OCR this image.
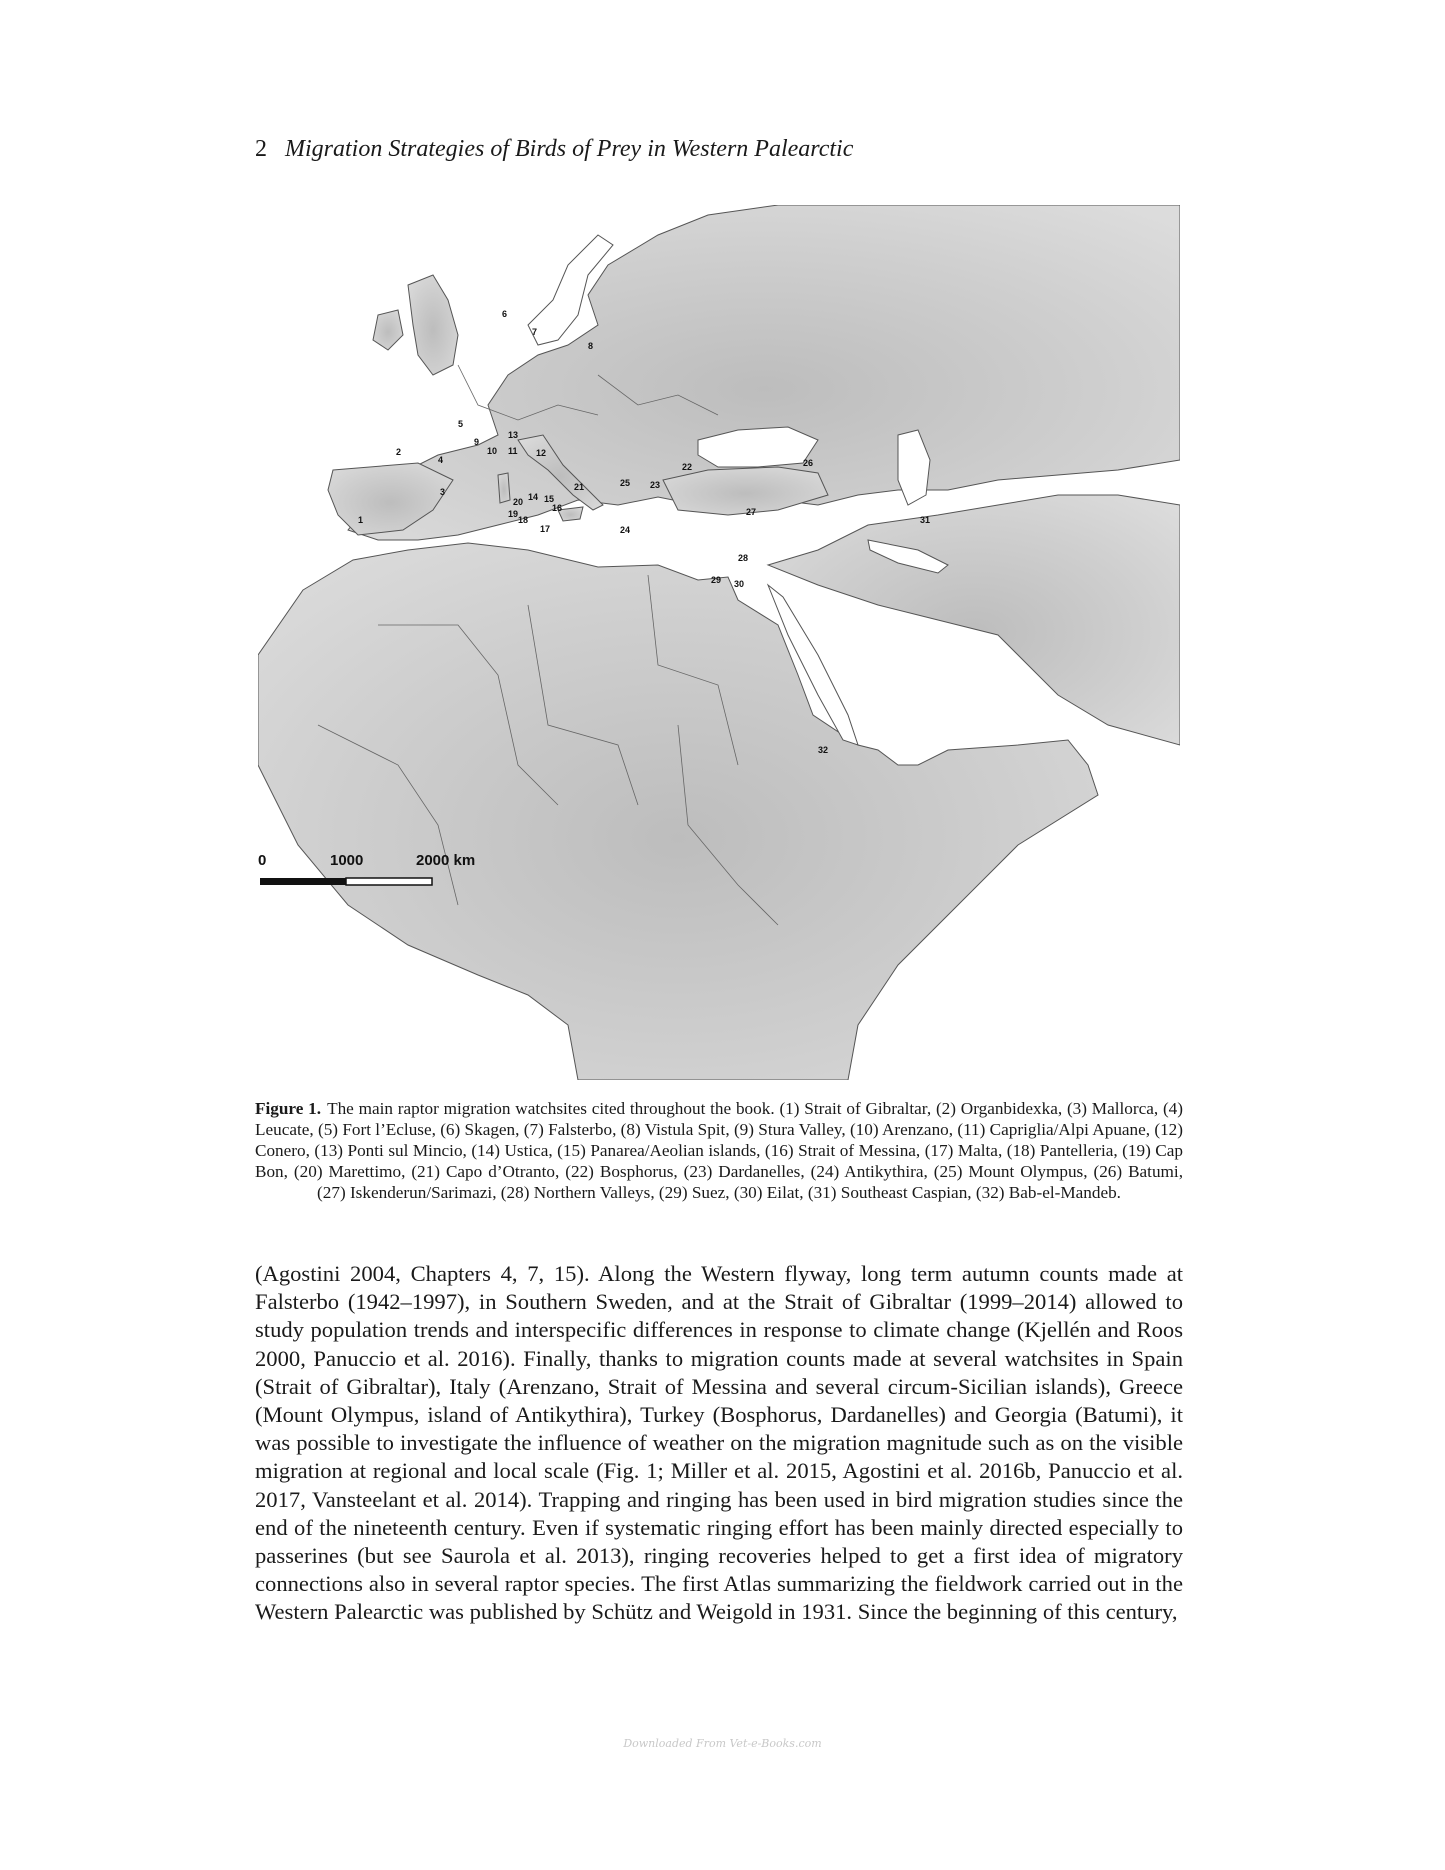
2 Migration Strategies of Birds of Prey in Western Palearctic
1
2
3
4
5
6
7
8
9
10 11 12
13
14 15
16
17
18
19
20
21
22
23
24
25
26
27
28
29 30
31
32
0	1000	2000 km
Figure 1. The main raptor migration watchsites cited throughout the book. (1) Strait of Gibraltar, (2) Organbidexka, (3) Mallorca, (4) Leucate, (5) Fort l’Ecluse, (6) Skagen, (7) Falsterbo, (8) Vistula Spit, (9) Stura Valley, (10) Arenzano, (11) Capriglia/Alpi Apuane, (12) Conero, (13) Ponti sul Mincio, (14) Ustica, (15) Panarea/Aeolian islands, (16) Strait of Messina, (17) Malta, (18) Pantelleria, (19) Cap Bon, (20) Marettimo, (21) Capo d’Otranto, (22) Bosphorus, (23) Dardanelles, (24) Antikythira, (25) Mount Olympus, (26) Batumi, (27) Iskenderun/Sarimazi, (28) Northern Valleys, (29) Suez, (30) Eilat, (31) Southeast Caspian, (32) Bab-el-Mandeb.
(Agostini 2004, Chapters 4, 7, 15). Along the Western flyway, long term autumn counts made at Falsterbo (1942–1997), in Southern Sweden, and at the Strait of Gibraltar (1999–2014) allowed to study population trends and interspecific differences in response to climate change (Kjellén and Roos 2000, Panuccio et al. 2016). Finally, thanks to migration counts made at several watchsites in Spain (Strait of Gibraltar), Italy (Arenzano, Strait of Messina and several circum-Sicilian islands), Greece (Mount Olympus, island of Antikythira), Turkey (Bosphorus, Dardanelles) and Georgia (Batumi), it was possible to investigate the influence of weather on the migration magnitude such as on the visible migration at regional and local scale (Fig. 1; Miller et al. 2015, Agostini et al. 2016b, Panuccio et al. 2017, Vansteelant et al. 2014). Trapping and ringing has been used in bird migration studies since the end of the nineteenth century. Even if systematic ringing effort has been mainly directed especially to passerines (but see Saurola et al. 2013), ringing recoveries helped to get a first idea of migratory connections also in several raptor species. The first Atlas summarizing the fieldwork carried out in the Western Palearctic was published by Schütz and Weigold in 1931. Since the beginning of this century,
Downloaded From Vet-e-Books.com
